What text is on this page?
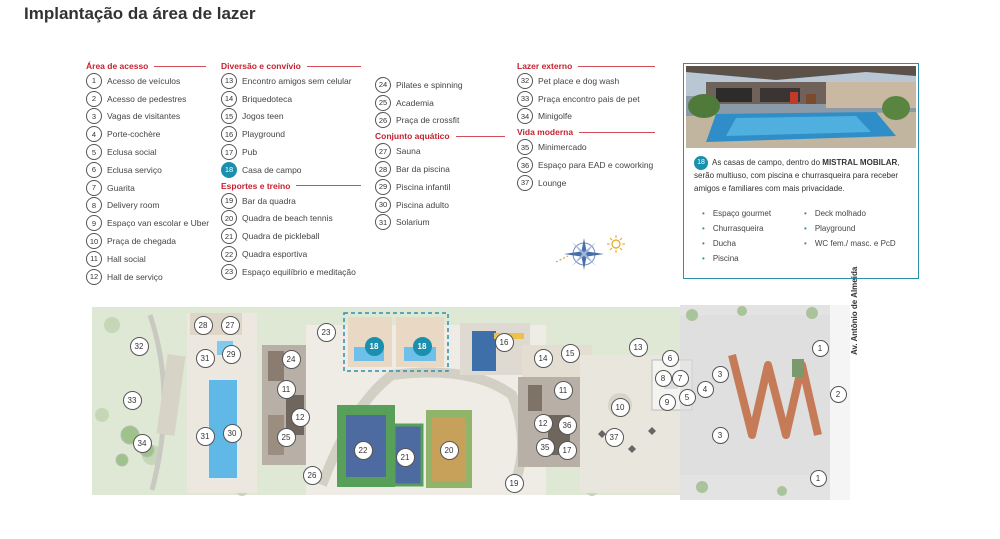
Implantação da área de lazer
Área de acesso
1	Acesso de veículos
2	Acesso de pedestres
3	Vagas de visitantes
4	Porte-cochère
5	Eclusa social
6	Eclusa serviço
7	Guarita
8	Delivery room
9	Espaço van escolar e Uber
10	Praça de chegada
11	Hall social
12	Hall de serviço
Diversão e convívio
13	Encontro amigos sem celular
14	Briquedoteca
15	Jogos teen
16	Playground
17	Pub
18	Casa de campo
Esportes e treino
19	Bar da quadra
20	Quadra de beach tennis
21	Quadra de pickleball
22	Quadra esportiva
23	Espaço equilíbrio e meditação
24	Pilates e spinning
25	Academia
26	Praça de crossfit
Conjunto aquático
27	Sauna
28	Bar da piscina
29	Piscina infantil
30	Piscina adulto
31	Solarium
Lazer externo
32	Pet place e dog wash
33	Praça encontro pais de pet
34	Minigolfe
Vida moderna
35	Minimercado
36	Espaço para EAD e coworking
37	Lounge
18 As casas de campo, dentro do MISTRAL MOBILAR, serão multiuso, com piscina e churrasqueira para receber amigos e familiares com mais privacidade.
• Espaço gourmet
• Churrasqueira
• Ducha
• Piscina
• Deck molhado
• Playground
• WC fem./ masc. e PcD
28	27
23
32
31	29
24
18	18	16
14
15
13
6
1
2
11	11
8	7	3
4
5
9
33
12
12	36
10
31	30	25	3
37
34
22
21
20	35	17
26
19
1
Av. Antônio de Almeida
